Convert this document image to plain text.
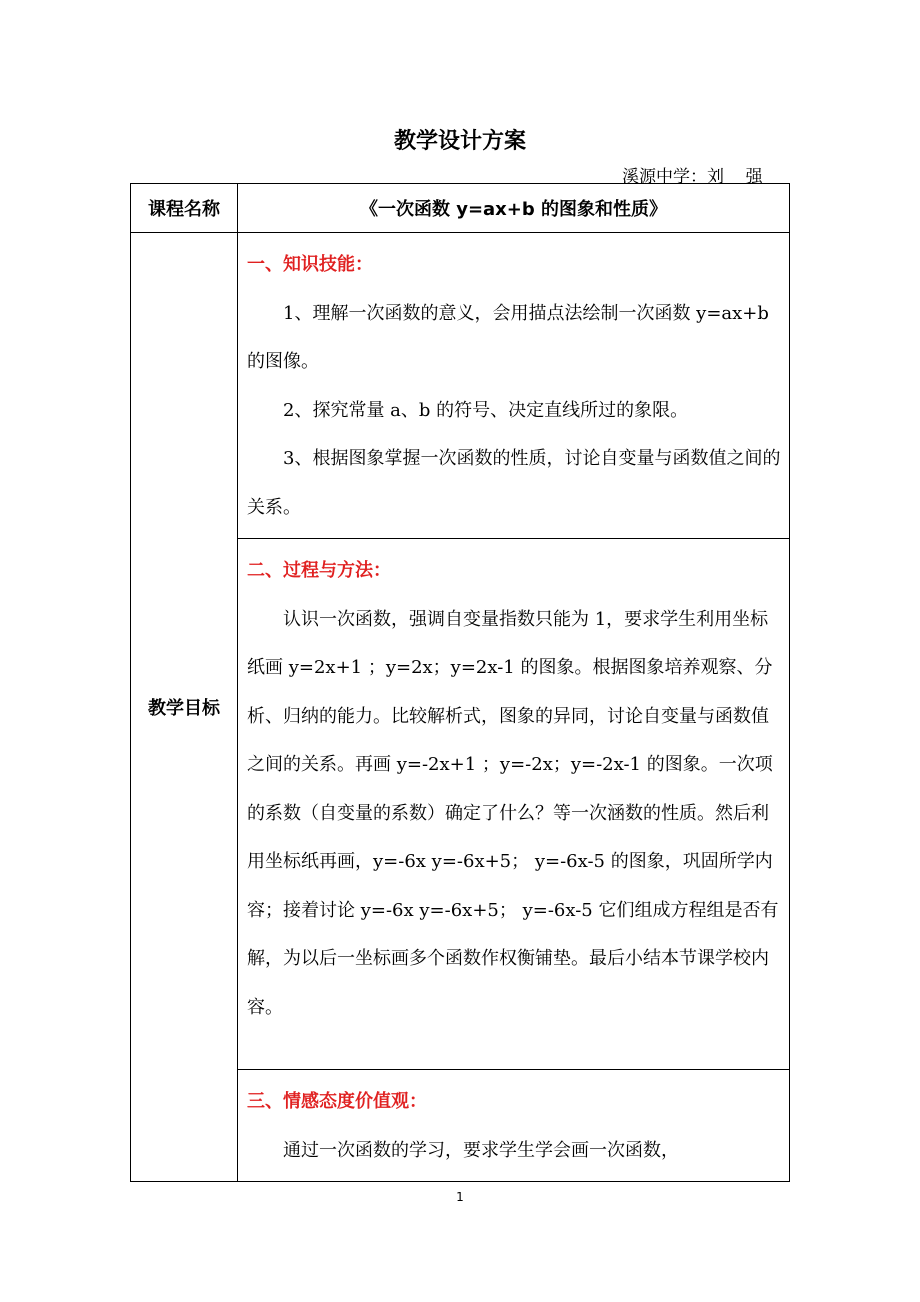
教学设计方案
溪源中学：刘    强
课程名称	《一次函数 y=ax+b 的图象和性质》
教学目标	一、知识技能：

1、理解一次函数的意义，会用描点法绘制一次函数 y=ax+b 的图像。

2、探究常量 a、b 的符号、决定直线所过的象限。

3、根据图象掌握一次函数的性质，讨论自变量与函数值之间的关系。

	二、过程与方法：

认识一次函数，强调自变量指数只能为 1，要求学生利用坐标纸画 y=2x+1 ；y=2x；y=2x-1 的图象。根据图象培养观察、分析、归纳的能力。比较解析式，图象的异同，讨论自变量与函数值之间的关系。再画 y=-2x+1 ；y=-2x；y=-2x-1 的图象。一次项的系数（自变量的系数）确定了什么？等一次涵数的性质。然后利用坐标纸再画，y=-6x y=-6x+5； y=-6x-5 的图象，巩固所学内容；接着讨论 y=-6x y=-6x+5； y=-6x-5 它们组成方程组是否有解，为以后一坐标画多个函数作权衡铺垫。最后小结本节课学校内容。

	三、情感态度价值观：

通过一次函数的学习，要求学生学会画一次函数，

1
